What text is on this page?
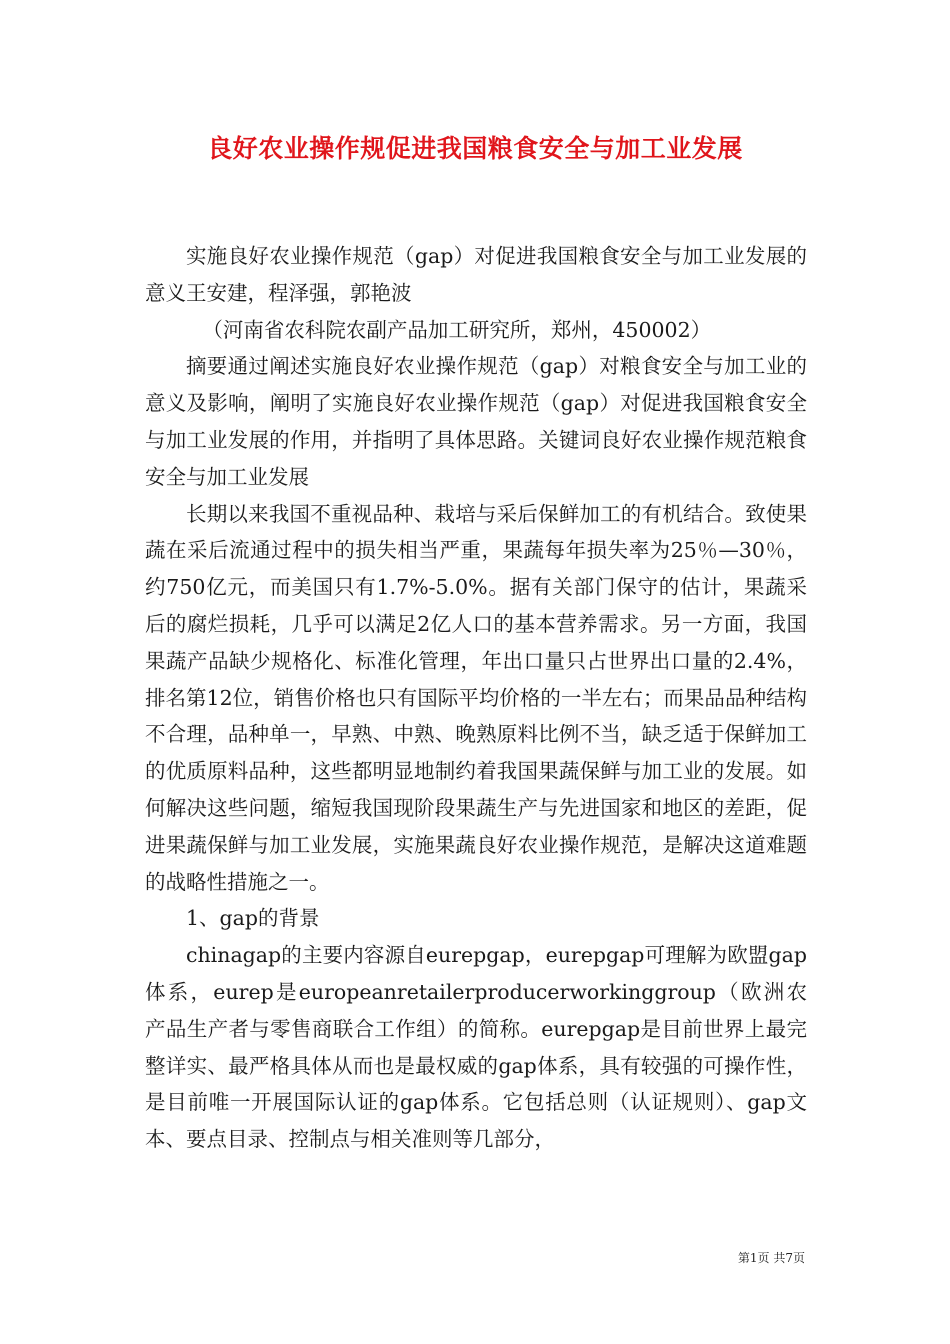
良好农业操作规促进我国粮食安全与加工业发展

实施良好农业操作规范（gap）对促进我国粮食安全与加工业发展的意义王安建，程泽强，郭艳波

（河南省农科院农副产品加工研究所，郑州，450002）

摘要通过阐述实施良好农业操作规范（gap）对粮食安全与加工业的意义及影响，阐明了实施良好农业操作规范（gap）对促进我国粮食安全与加工业发展的作用，并指明了具体思路。关键词良好农业操作规范粮食安全与加工业发展

长期以来我国不重视品种、栽培与采后保鲜加工的有机结合。致使果蔬在采后流通过程中的损失相当严重，果蔬每年损失率为25％—30％，约750亿元，而美国只有1.7%-5.0%。据有关部门保守的估计，果蔬采后的腐烂损耗，几乎可以满足2亿人口的基本营养需求。另一方面，我国果蔬产品缺少规格化、标准化管理，年出口量只占世界出口量的2.4%，排名第12位，销售价格也只有国际平均价格的一半左右；而果品品种结构不合理，品种单一，早熟、中熟、晚熟原料比例不当，缺乏适于保鲜加工的优质原料品种，这些都明显地制约着我国果蔬保鲜与加工业的发展。如何解决这些问题，缩短我国现阶段果蔬生产与先进国家和地区的差距，促进果蔬保鲜与加工业发展，实施果蔬良好农业操作规范，是解决这道难题的战略性措施之一。

1、gap的背景

chinagap的主要内容源自eurepgap，eurepgap可理解为欧盟gap体系，eurep是europeanretailerproducerworkinggroup（欧洲农产品生产者与零售商联合工作组）的简称。eurepgap是目前世界上最完整详实、最严格具体从而也是最权威的gap体系，具有较强的可操作性，是目前唯一开展国际认证的gap体系。它包括总则（认证规则）、gap文本、要点目录、控制点与相关准则等几部分，

第1页 共7页
